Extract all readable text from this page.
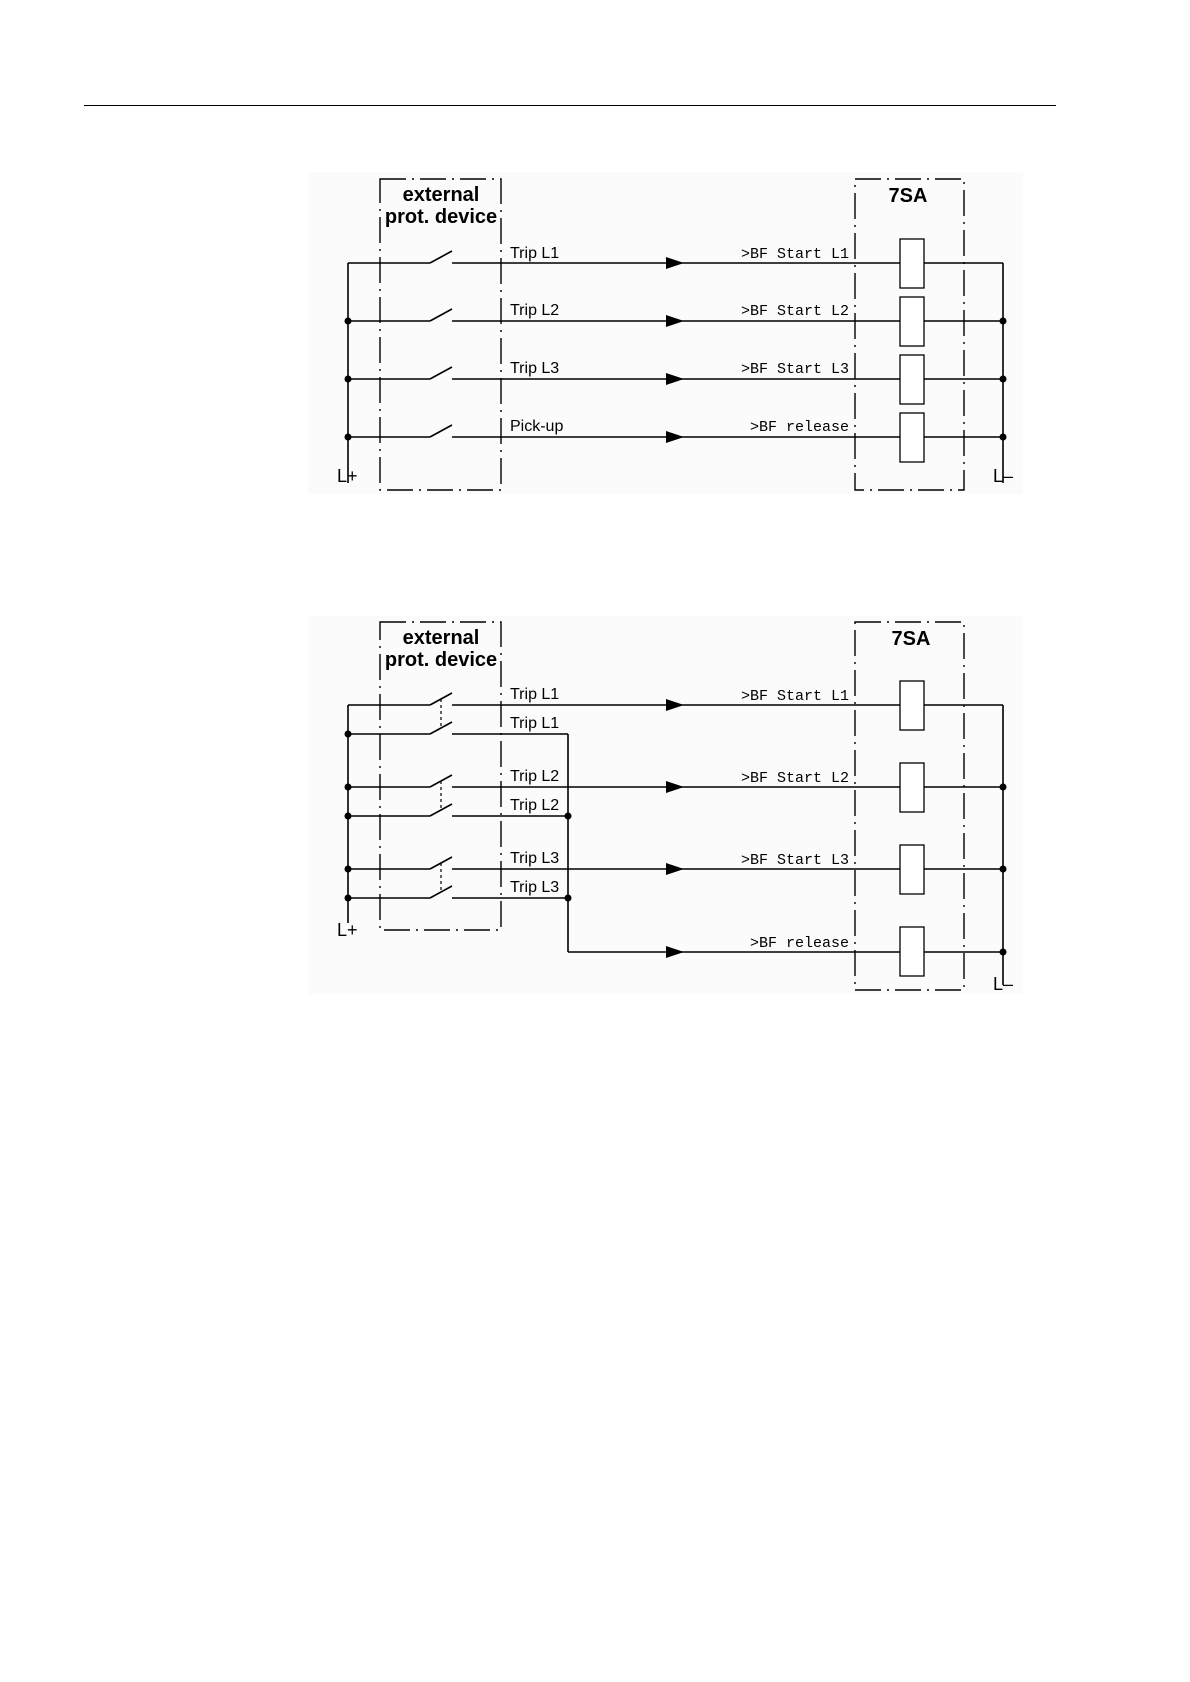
external
prot. device
7SA
L+	L–
Trip L1	>BF Start L1
Trip L2	>BF Start L2
Trip L3	>BF Start L3
Pick-up	>BF release
external
prot. device
7SA
L+
L–
Trip L1
Trip L1
>BF Start L1
Trip L2
Trip L2
>BF Start L2
Trip L3
Trip L3
>BF Start L3
>BF release
